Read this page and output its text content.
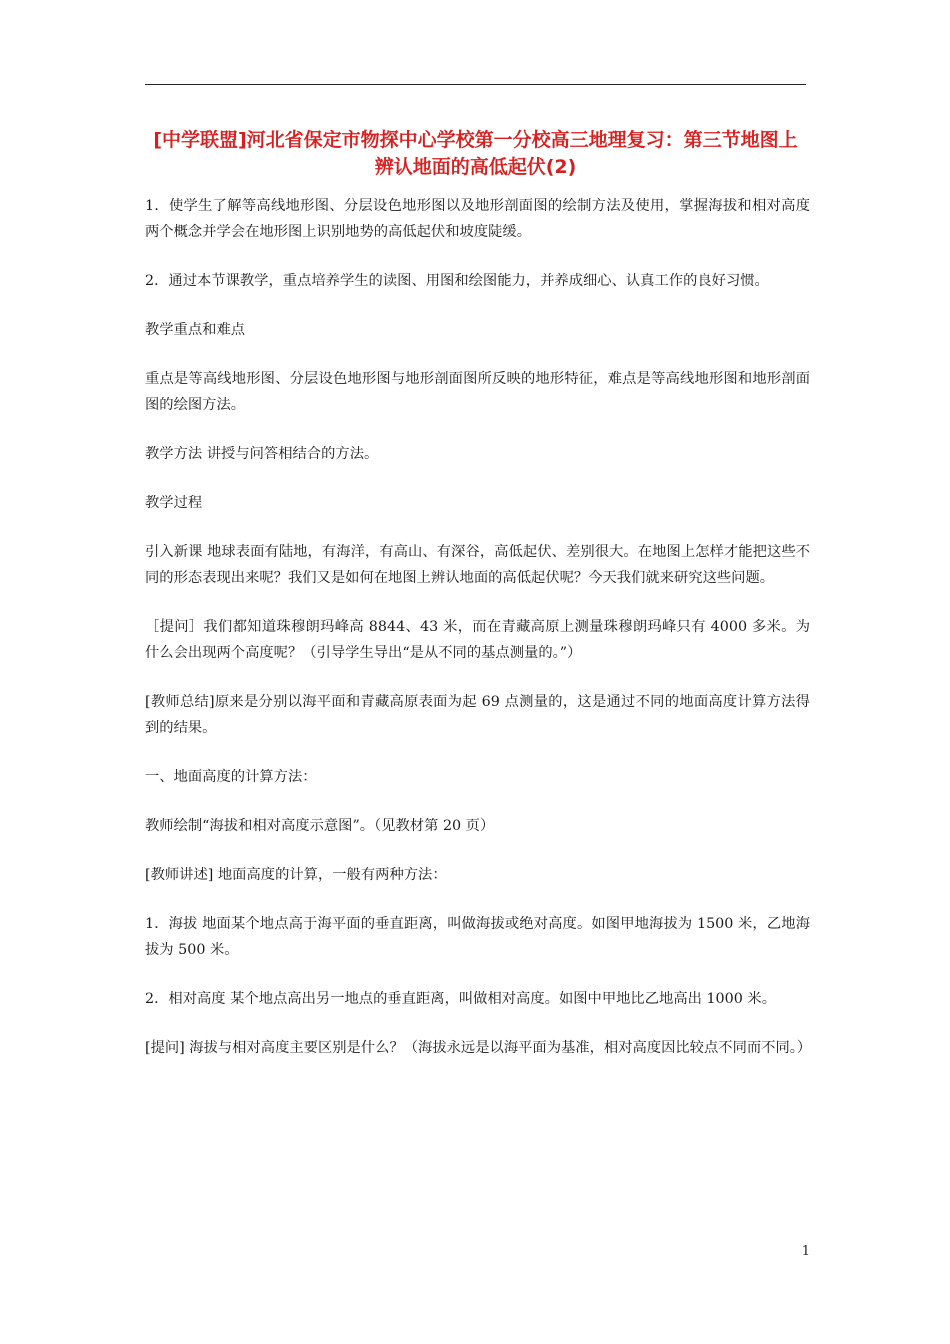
[中学联盟]河北省保定市物探中心学校第一分校高三地理复习：第三节地图上辨认地面的高低起伏(2)

1．使学生了解等高线地形图、分层设色地形图以及地形剖面图的绘制方法及使用，掌握海拔和相对高度两个概念并学会在地形图上识别地势的高低起伏和坡度陡缓。

2．通过本节课教学，重点培养学生的读图、用图和绘图能力，并养成细心、认真工作的良好习惯。

教学重点和难点

重点是等高线地形图、分层设色地形图与地形剖面图所反映的地形特征，难点是等高线地形图和地形剖面图的绘图方法。

教学方法 讲授与问答相结合的方法。

教学过程

引入新课 地球表面有陆地，有海洋，有高山、有深谷，高低起伏、差别很大。在地图上怎样才能把这些不同的形态表现出来呢？我们又是如何在地图上辨认地面的高低起伏呢？今天我们就来研究这些问题。

［提问］我们都知道珠穆朗玛峰高 8844、43 米，而在青藏高原上测量珠穆朗玛峰只有 4000 多米。为什么会出现两个高度呢？（引导学生导出“是从不同的基点测量的。”）

[教师总结]原来是分别以海平面和青藏高原表面为起 69 点测量的，这是通过不同的地面高度计算方法得到的结果。

一、地面高度的计算方法：

教师绘制“海拔和相对高度示意图”。（见教材第 20 页）

[教师讲述] 地面高度的计算，一般有两种方法：

1．海拔 地面某个地点高于海平面的垂直距离，叫做海拔或绝对高度。如图甲地海拔为 1500 米，乙地海拔为 500 米。

2．相对高度 某个地点高出另一地点的垂直距离，叫做相对高度。如图中甲地比乙地高出 1000 米。

[提问] 海拔与相对高度主要区别是什么？（海拔永远是以海平面为基准，相对高度因比较点不同而不同。）

1
